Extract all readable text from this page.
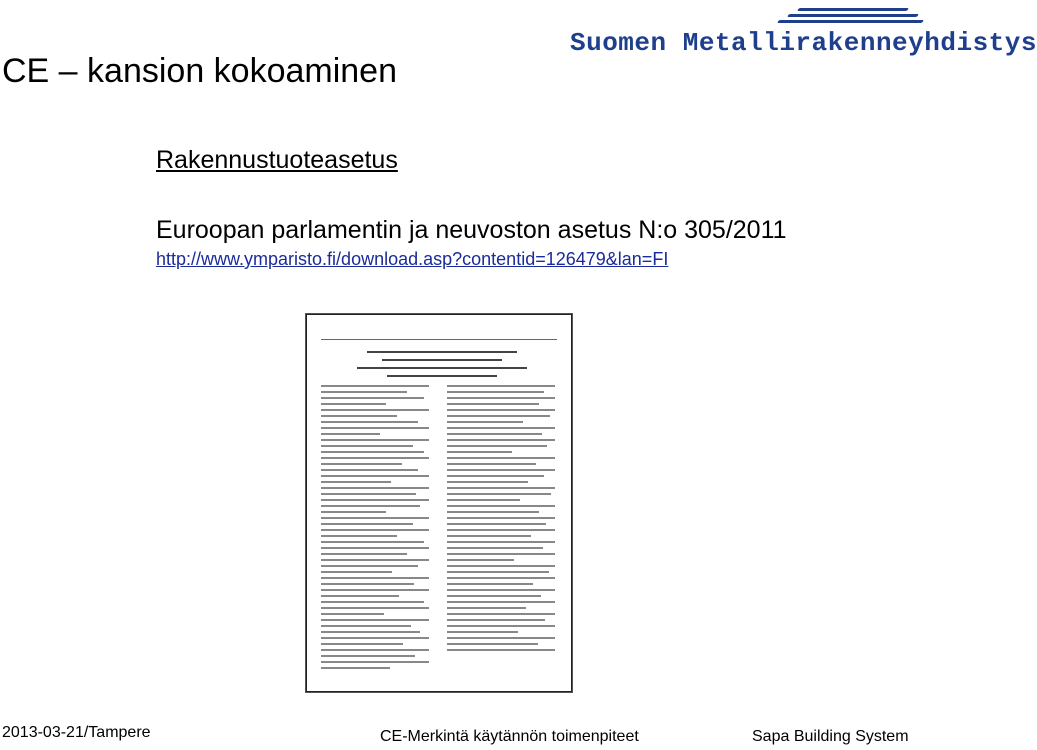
Suomen Metallirakenneyhdistys
CE – kansion kokoaminen
Rakennustuoteasetus
Euroopan parlamentin ja neuvoston asetus N:o 305/2011
http://www.ymparisto.fi/download.asp?contentid=126479&lan=FI
2013-03-21/Tampere	CE-Merkintä käytännön toimenpiteet	Sapa Building System
